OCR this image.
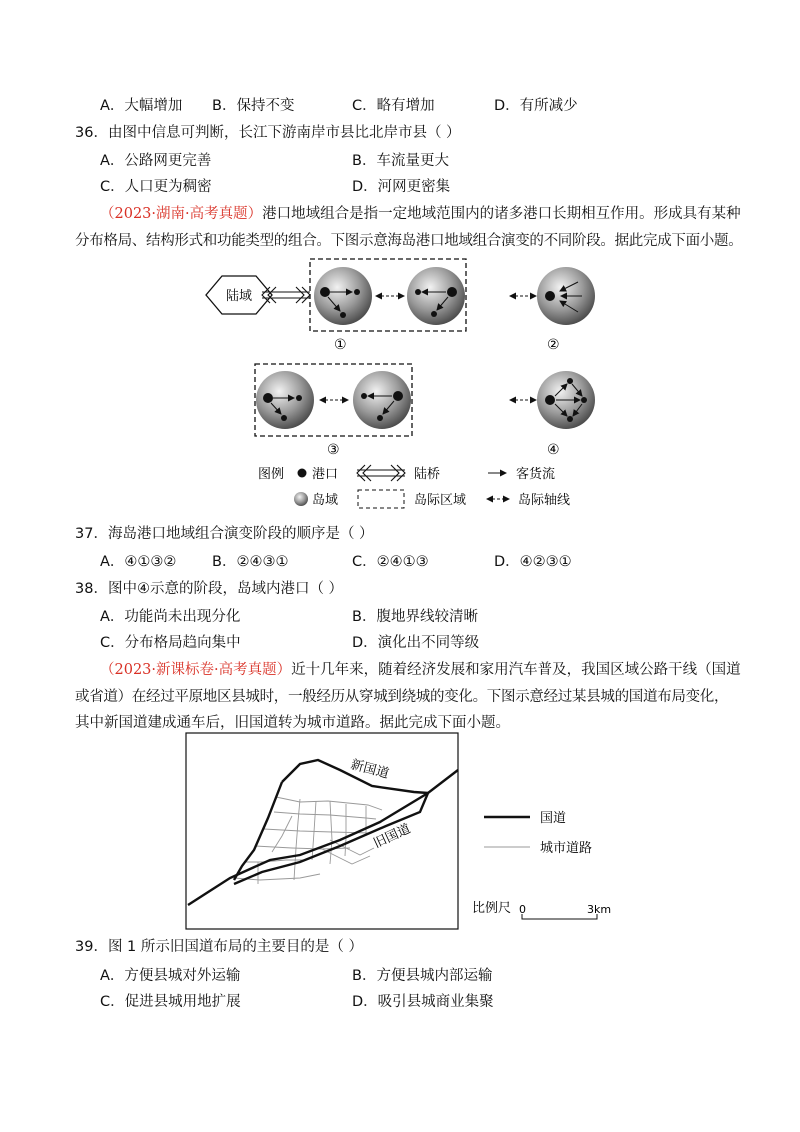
A．大幅增加 B．保持不变	C．略有增加	D．有所减少
36．由图中信息可判断，长江下游南岸市县比北岸市县（ ）
A．公路网更完善	B．车流量更大
C．人口更为稠密	D．河网更密集
（2023·湖南·高考真题）港口地域组合是指一定地域范围内的诸多港口长期相互作用。形成具有某种
分布格局、结构形式和功能类型的组合。下图示意海岛港口地域组合演变的不同阶段。据此完成下面小题。
陆域
①	②
③	④
图例 港口	陆桥	客货流
岛域	岛际区域	岛际轴线
37．海岛港口地域组合演变阶段的顺序是（ ）
A．④①③② B．②④③①	C．②④①③	D．④②③①
38．图中④示意的阶段，岛域内港口（ ）
A．功能尚未出现分化	B．腹地界线较清晰
C．分布格局趋向集中	D．演化出不同等级
（2023·新课标卷·高考真题）近十几年来，随着经济发展和家用汽车普及，我国区域公路干线（国道
或省道）在经过平原地区县城时，一般经历从穿城到绕城的变化。下图示意经过某县城的国道布局变化，
其中新国道建成通车后，旧国道转为城市道路。据此完成下面小题。
新国道
旧国道
国道
城市道路
比例尺 0	3km
39．图 1 所示旧国道布局的主要目的是（ ）
A．方便县城对外运输	B．方便县城内部运输
C．促进县城用地扩展	D．吸引县城商业集聚
